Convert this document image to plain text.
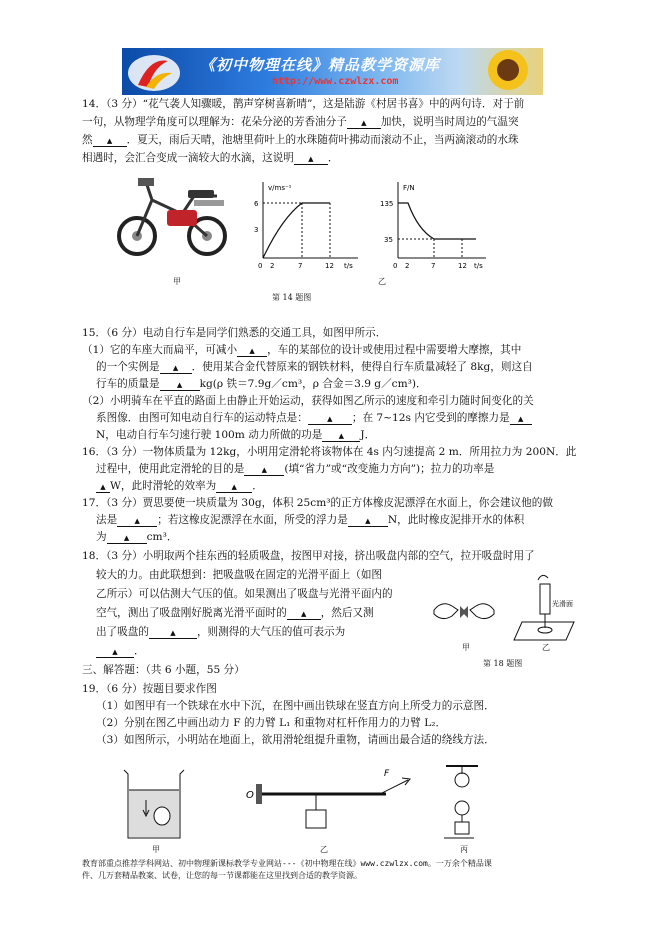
《初中物理在线》精品教学资源库
http://www.czwlzx.com
14．（3 分）“花气袭人知骤暖，鹊声穿树喜新晴”，这是陆游《村居书喜》中的两句诗．对于前
一句，从物理学角度可以理解为：花朵分泌的芳香油分子 ▲ 加快，说明当时周边的气温突
然 ▲ ．夏天，雨后天晴，池塘里荷叶上的水珠随荷叶拂动而滚动不止，当两滴滚动的水珠
相遇时，会汇合变成一滴较大的水滴，这说明 ▲ ．
v/ms⁻¹
t/s
6
3
0 2	7	12
F/N
t/s
135
35
0 2	7	12
甲	乙
第 14 题图
15．（6 分）电动自行车是同学们熟悉的交通工具，如图甲所示．
（1）它的车座大而扁平，可减小 ▲ ，车的某部位的设计或使用过程中需要增大摩擦，其中
的一个实例是 ▲ ．使用某合金代替原来的钢铁材料，使得自行车质量减轻了 8kg，则这自
行车的质量是 ▲ kg(ρ 铁＝7.9g／cm³，ρ 合金＝3.9 g／cm³)．
（2）小明骑车在平直的路面上由静止开始运动，获得如图乙所示的速度和牵引力随时间变化的关
系图像．由图可知电动自行车的运动特点是：	▲ ；在 7~12s 内它受到的摩擦力是 ▲
N，电动自行车匀速行驶 100m 动力所做的功是 ▲ J．
16．（3 分）一物体质量为 12kg，小明用定滑轮将该物体在 4s 内匀速提高 2 m．所用拉力为 200N．此
过程中，使用此定滑轮的目的是 ▲ (填“省力”或“改变施力方向”)；拉力的功率是
▲ W，此时滑轮的效率为 ▲ ．
17．（3 分）贾思要使一块质量为 30g，体积 25cm³的正方体橡皮泥漂浮在水面上，你会建议他的做
法是 ▲ ；若这橡皮泥漂浮在水面，所受的浮力是 ▲ N，此时橡皮泥排开水的体积
为 ▲ cm³．
18．（3 分）小明取两个挂东西的轻质吸盘，按图甲对接，挤出吸盘内部的空气，拉开吸盘时用了
较大的力。由此联想到：把吸盘吸在固定的光滑平面上（如图
乙所示）可以估测大气压的值。如果测出了吸盘与光滑平面内的
空气，测出了吸盘刚好脱离光滑平面时的 ▲ ，然后又测
出了吸盘的	▲ ，则测得的大气压的值可表示为
▲ ．
光滑面
甲	乙
第 18 题图
三、解答题：（共 6 小题，55 分）
19．（6 分）按题目要求作图
（1）如图甲有一个铁球在水中下沉，在图中画出铁球在竖直方向上所受力的示意图．
（2）分别在图乙中画出动力 F 的力臂 L₁ 和重物对杠杆作用力的力臂 L₂．
（3）如图所示，小明站在地面上，欲用滑轮组提升重物，请画出最合适的绕线方法．
O
F
甲	乙	丙
教育部重点推荐学科网站、初中物理新课标教学专业网站---《初中物理在线》www.czwlzx.com。一万余个精品课
件、几万套精品教案、试卷，让您的每一节课都能在这里找到合适的教学资源。
